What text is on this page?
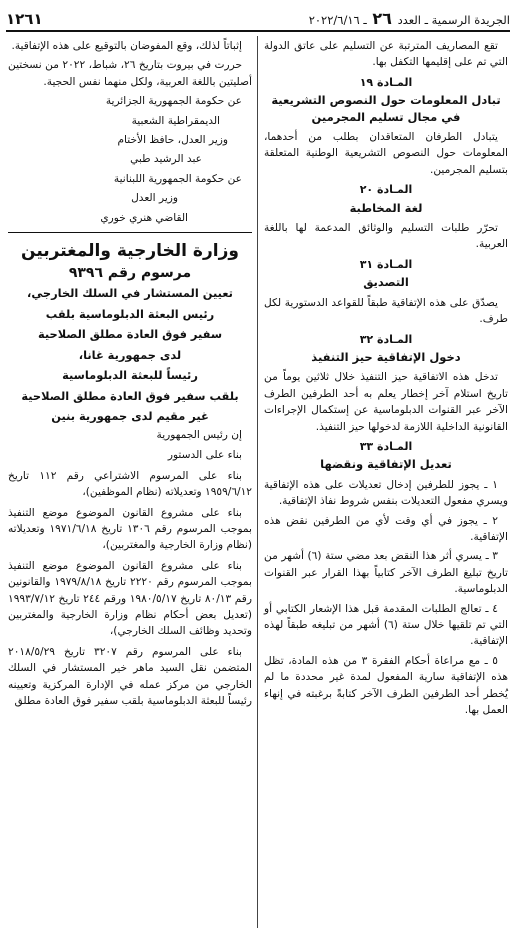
الجريدة الرسمية ـ العدد ٢٦ ـ ٢٠٢٢/٦/١٦
١٢٦١

تقع المصاريف المترتبة عن التسليم على عاتق الدولة التي تم على إقليمها التكفل بها.

المـادة ١٩
تبادل المعلومات حول النصوص التشريعية في مجال تسليم المجرمين

يتبادل الطرفان المتعاقدان بطلب من أحدهما، المعلومات حول النصوص التشريعية الوطنية المتعلقة بتسليم المجرمين.

المـادة ٢٠
لغة المخاطبة

تحرّر طلبات التسليم والوثائق المدعمة لها باللغة العربية.

المـادة ٣١
التصديق

يصدّق على هذه الإتفاقية طبقاً للقواعد الدستورية لكل طرف.

المـادة ٣٢
دخول الإتفاقية حيز التنفيذ

تدخل هذه الاتفاقية حيز التنفيذ خلال ثلاثين يوماً من تاريخ استلام آخر إخطار يعلم به أحد الطرفين الطرف الآخر عبر القنوات الدبلوماسية عن إستكمال الإجراءات القانونية الداخلية اللازمة لدخولها حيز التنفيذ.

المـادة ٣٣
تعديل الإتفاقية ونقضها

١ ـ يجوز للطرفين إدخال تعديلات على هذه الإتفاقية ويسري مفعول التعديلات بنفس شروط نفاذ الإتفاقية.

٢ ـ يجوز في أي وقت لأي من الطرفين نقض هذه الإتفاقية.

٣ ـ يسري أثر هذا النقض بعد مضي ستة (٦) أشهر من تاريخ تبليغ الطرف الآخر كتابياً بهذا القرار عبر القنوات الدبلوماسية.

٤ ـ تعالج الطلبات المقدمة قبل هذا الإشعار الكتابي أو التي تم تلقيها خلال ستة (٦) أشهر من تبليغه طبقاً لهذه الإتفاقية.

٥ ـ مع مراعاة أحكام الفقرة ٣ من هذه المادة، تظل هذه الإتفاقية سارية المفعول لمدة غير محددة ما لم يُخطر أحد الطرفين الطرف الآخر كتابةً برغبته في إنهاء العمل بها.

إثباتاً لذلك، وقع المفوضان بالتوقيع على هذه الإتفاقية.

حررت في بيروت بتاريخ ٢٦، شباط، ٢٠٢٢ من نسختين أصليتين باللغة العربية، ولكل منهما نفس الحجية.

عن حكومة الجمهورية الجزائرية

الديمقراطية الشعبية

وزير العدل، حافظ الأختام

عبد الرشيد طبي

عن حكومة الجمهورية اللبنانية

وزير العدل

القاضي هنري خوري

وزارة الخارجية والمغتربين
مرسوم رقم ٩٣٩٦
تعيين المستشار في السلك الخارجي،
رئيس البعثة الدبلوماسية بلقب
سفير فوق العادة مطلق الصلاحية
لدى جمهورية غانا،
رئيساً للبعثة الدبلوماسية
بلقب سفير فوق العادة مطلق الصلاحية
غير مقيم لدى جمهورية بنين

إن رئيس الجمهورية

بناء على الدستور

بناء على المرسوم الاشتراعي رقم ١١٢ تاريخ ١٩٥٩/٦/١٢ وتعديلاته (نظام الموظفين)،

بناء على مشروع القانون الموضوع موضع التنفيذ بموجب المرسوم رقم ١٣٠٦ تاريخ ١٩٧١/٦/١٨ وتعديلاته (نظام وزارة الخارجية والمغتربين)،

بناء على مشروع القانون الموضوع موضع التنفيذ بموجب المرسوم رقم ٢٢٢٠ تاريخ ١٩٧٩/٨/١٨ والقانونين رقم ٨٠/١٣ تاريخ ١٩٨٠/٥/١٧ ورقم ٢٤٤ تاريخ ١٩٩٣/٧/١٢ (تعديل بعض أحكام نظام وزارة الخارجية والمغتربين وتحديد وظائف السلك الخارجي)،

بناء على المرسوم رقم ٣٢٠٧ تاريخ ٢٠١٨/٥/٢٩ المتضمن نقل السيد ماهر خير المستشار في السلك الخارجي من مركز عمله في الإدارة المركزية وتعيينه رئيساً للبعثة الدبلوماسية بلقب سفير فوق العادة مطلق
